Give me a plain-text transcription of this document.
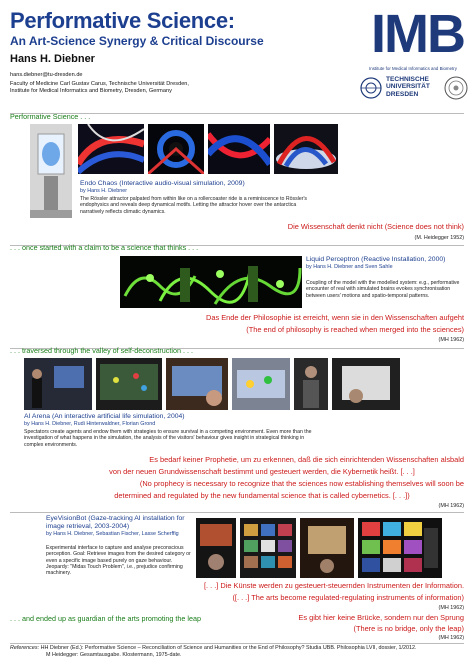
Performative Science:
An Art-Science Synergy & Critical Discourse
Hans H. Diebner
hans.diebner@tu-dresden.de
Faculty of Medicine Carl Gustav Carus, Technische Universität Dresden,
Institute for Medical Informatics and Biometry, Dresden, Germany
IMB
Institute for Medical Informatics and Biometry
TECHNISCHE
UNIVERSITÄT
DRESDEN
Performative Science . . .
Endo Chaos (Interactive audio-visual simulation, 2009)
by Hans H. Diebner
The Rössler attractor palpated from within like on a rollercoaster ride is a reminiscence to Rössler's endophysics and reveals deep dynamical motifs. Letting the attractor hover over the antarctica narratively reflects climatic dynamics.
Die Wissenschaft denkt nicht (Science does not think)
(M. Heidegger 1952)
. . . once started with a claim to be a science that thinks . . .
Liquid Perceptron (Reactive Installation, 2000)
by Hans H. Diebner and Sven Sahle
Coupling of the model with the modelled system: e.g., performative encounter of real with simulated brains evokes synchronisation between users' motions and spatio-temporal patterns.
Das Ende der Philosophie ist erreicht, wenn sie in den Wissenschaften aufgeht
(The end of philosophy is reached when merged into the sciences)
(MH 1962)
. . . traversed through the valley of self-deconstruction . . .
AI Arena (An interactive artificial life simulation, 2004)
by Hans H. Diebner, Rudi Hinterwaldner, Florian Grond
Spectators create agents and endow them with strategies to ensure survival in a competing environment. Even more than the investigation of what happens in the simulation, the analysis of the visitors' behaviour gives insight in strategical thinking in complex environments.
Es bedarf keiner Prophetie, um zu erkennen, daß die sich einrichtenden Wissenschaften alsbald
von der neuen Grundwissenschaft bestimmt und gesteuert werden, die Kybernetik heißt. [. . .]
(No prophecy is necessary to recognize that the sciences now establishing themselves will soon be
determined and regulated by the new fundamental science that is called cybernetics. [. . .])
(MH 1962)
EyeVisionBot (Gaze-tracking AI installation for image retrieval, 2003-2004)
by Hans H. Diebner, Sebastian Fischer, Lasse Scherffig
Experimental interface to capture and analyse preconscious perception. Goal: Retrieve images from the desired category or even a specific image based purely on gaze behaviour. Jeopardy: "Midas Touch Problem", i.e., prejudice confirming machinery.
[. . .] Die Künste werden zu gesteuert-steuernden Instrumenten der Information.
([. . .] The arts become regulated-regulating instruments of information)
(MH 1962)
. . . and ended up as guardian of the arts promoting the leap	Es gibt hier keine Brücke, sondern nur den Sprung
(There is no bridge, only the leap)
(MH 1962)
References: HH Diebner (Ed.): Performative Science – Reconciliation of Science and Humanities or the End of Philosophy? Studia UBB. Philosophia LVII, dossier, 1/2012.
M Heidegger: Gesamtausgabe. Klostermann, 1975-date.
